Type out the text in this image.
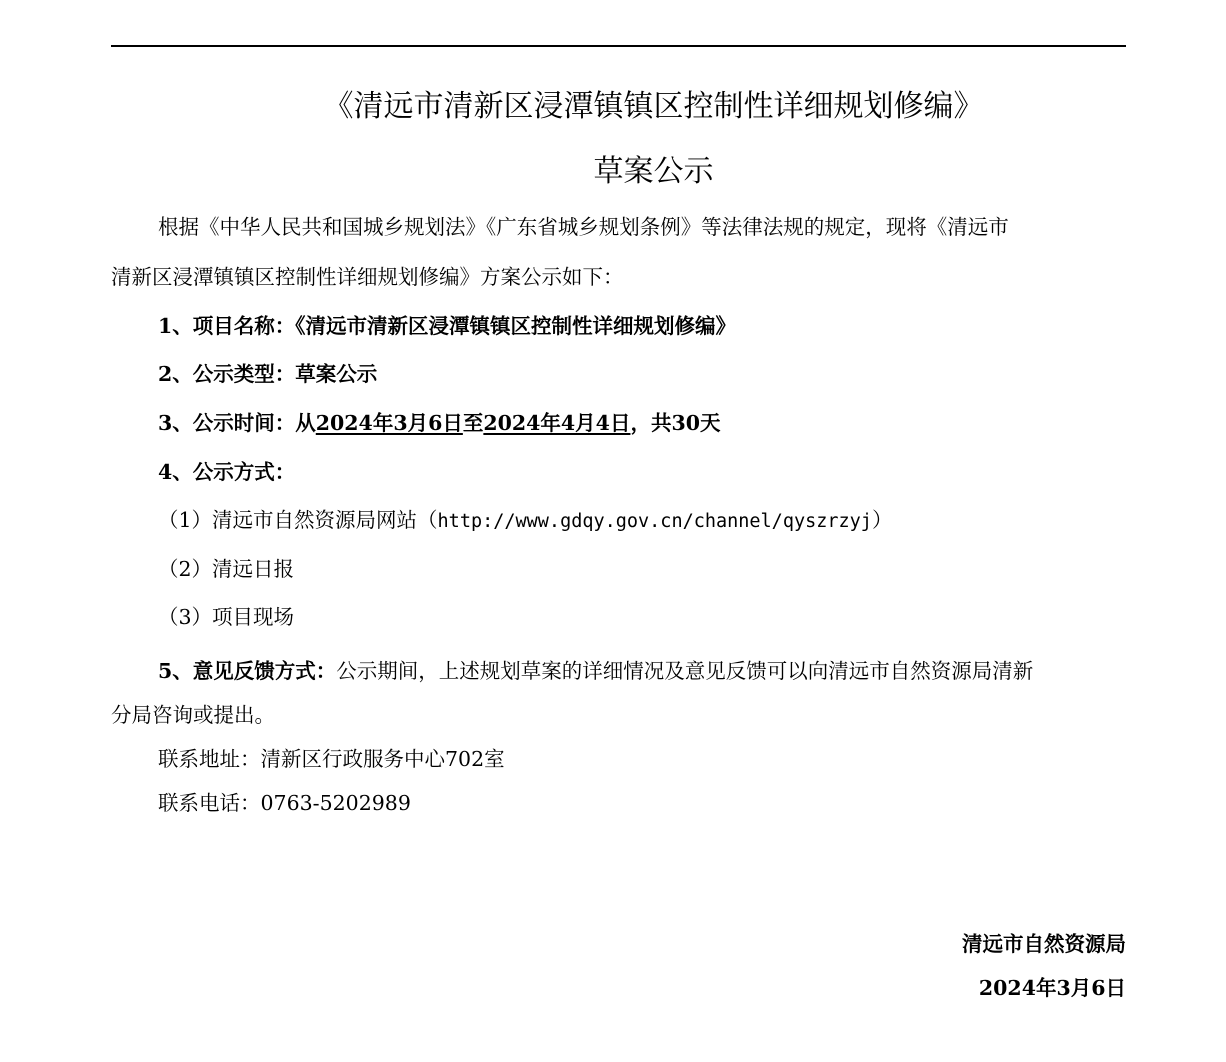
《清远市清新区浸潭镇镇区控制性详细规划修编》
草案公示
根据《中华人民共和国城乡规划法》《广东省城乡规划条例》等法律法规的规定，现将《清远市
清新区浸潭镇镇区控制性详细规划修编》方案公示如下：
1、项目名称：《清远市清新区浸潭镇镇区控制性详细规划修编》
2、公示类型：草案公示
3、公示时间：从2024年3月6日至2024年4月4日，共30天
4、公示方式：
（1）清远市自然资源局网站（http://www.gdqy.gov.cn/channel/qyszrzyj）
（2）清远日报
（3）项目现场
5、意见反馈方式：公示期间，上述规划草案的详细情况及意见反馈可以向清远市自然资源局清新
分局咨询或提出。
联系地址：清新区行政服务中心702室
联系电话：0763-5202989
清远市自然资源局
2024年3月6日
